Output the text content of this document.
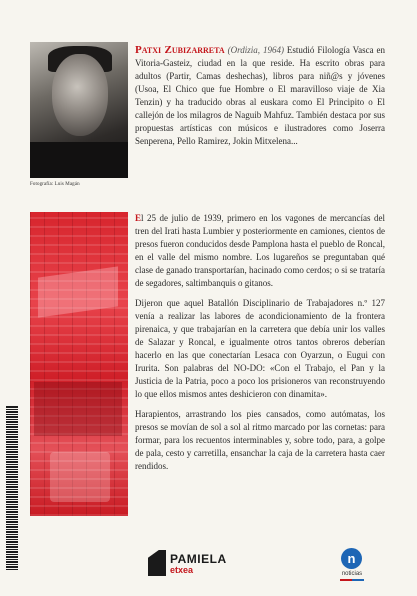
Fotografía: Luis Magán
Patxi Zubizarreta (Ordizia, 1964) Estudió Filología Vasca en Vitoria-Gasteiz, ciudad en la que reside. Ha escrito obras para adultos (Partir, Camas deshechas), libros para niñ@s y jóvenes (Usoa, El Chico que fue Hombre o El maravilloso viaje de Xia Tenzin) y ha traducido obras al euskara como El Principito o El callejón de los milagros de Naguib Mahfuz. También destaca por sus propuestas artísticas con músicos e ilustradores como Joserra Senperena, Pello Ramirez, Jokin Mitxelena...

El 25 de julio de 1939, primero en los vagones de mercancías del tren del Irati hasta Lumbier y posteriormente en camiones, cientos de presos fueron conducidos desde Pamplona hasta el pueblo de Roncal, en el valle del mismo nombre. Los lugareños se preguntaban qué clase de ganado transportarían, hacinado como cerdos; o si se trataría de segadores, saltimbanquis o gitanos.

Dijeron que aquel Batallón Disciplinario de Trabajadores n.º 127 venía a realizar las labores de acondicionamiento de la frontera pirenaica, y que trabajarían en la carretera que debía unir los valles de Salazar y Roncal, e igualmente otros tantos obreros deberían hacerlo en las que conectarían Lesaca con Oyarzun, o Eugui con Irurita. Son palabras del NO-DO: «Con el Trabajo, el Pan y la Justicia de la Patria, poco a poco los prisioneros van reconstruyendo lo que ellos mismos antes deshicieron con dinamita».

Harapientos, arrastrando los pies cansados, como autómatas, los presos se movían de sol a sol al ritmo marcado por las cornetas: para formar, para los recuentos interminables y, sobre todo, para, a golpe de pala, cesto y carretilla, ensanchar la caja de la carretera hasta caer rendidos.

PAMIELA
etxea
n
noticias
